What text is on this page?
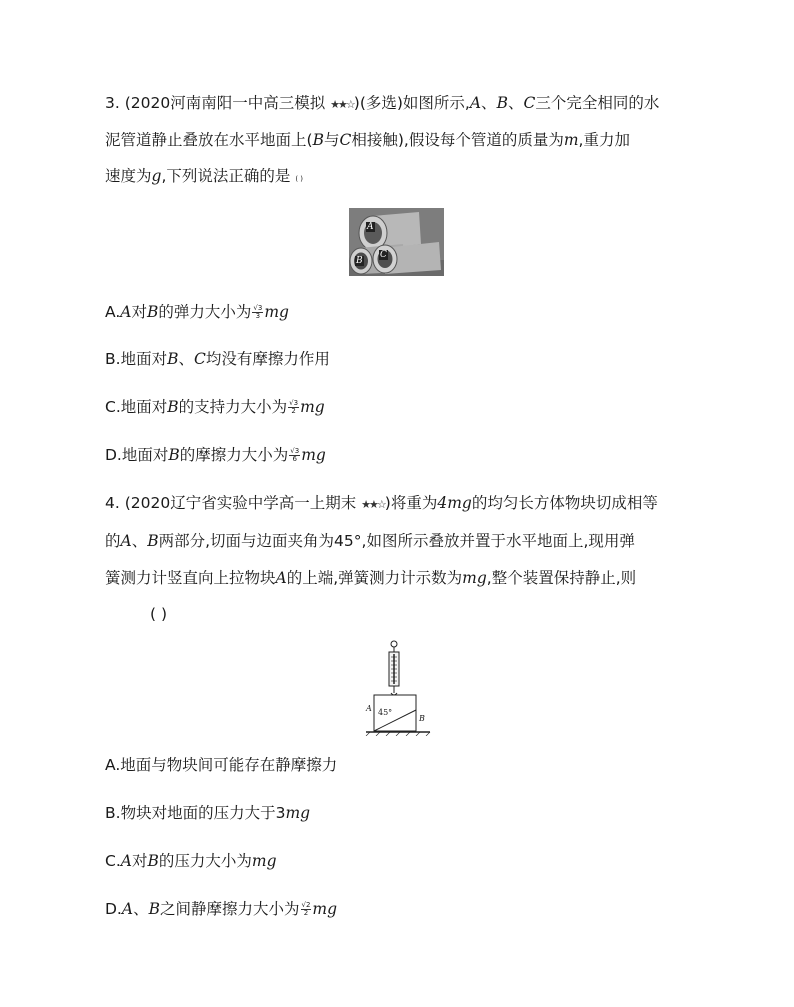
3. (2020河南南阳一中高三模拟 ★★☆)(多选)如图所示,A、B、C三个完全相同的水
泥管道静止叠放在水平地面上(B与C相接触),假设每个管道的质量为m,重力加
速度为g,下列说法正确的是 ( )
A
B
C
A.A对B的弹力大小为 $\frac{√3}{3}$ mg
B.地面对B、C均没有摩擦力作用
C.地面对B的支持力大小为 $\frac{√3}{2}$ mg
D.地面对B的摩擦力大小为 $\frac{√3}{6}$ mg
4. (2020辽宁省实验中学高一上期末 ★★☆)将重为4mg的均匀长方体物块切成相等
的A、B两部分,切面与边面夹角为45°,如图所示叠放并置于水平地面上,现用弹
簧测力计竖直向上拉物块A的上端,弹簧测力计示数为mg,整个装置保持静止,则
( )
45°
A
B
A.地面与物块间可能存在静摩擦力
B.物块对地面的压力大于3mg
C.A对B的压力大小为mg
D.A、B之间静摩擦力大小为 $\frac{√2}{2}$ mg
